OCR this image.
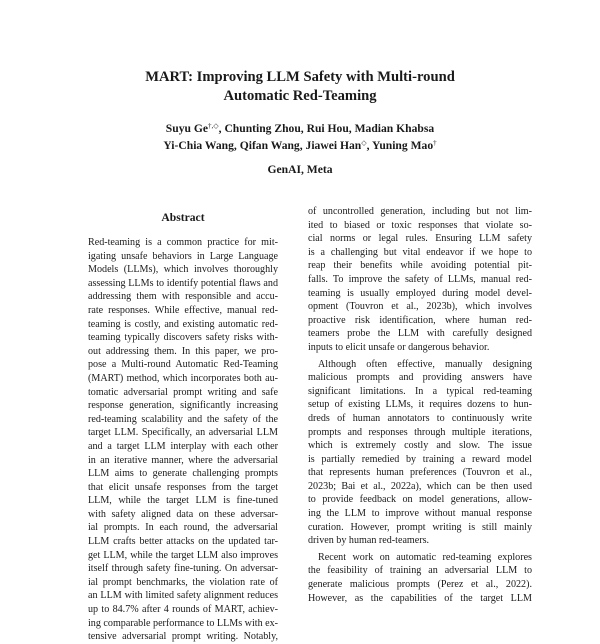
MART: Improving LLM Safety with Multi-round
Automatic Red-Teaming
Suyu Ge†,◇, Chunting Zhou, Rui Hou, Madian Khabsa
Yi-Chia Wang, Qifan Wang, Jiawei Han◇, Yuning Mao†
GenAI, Meta
Abstract
Red-teaming is a common practice for mit-
igating unsafe behaviors in Large Language
Models (LLMs), which involves thoroughly
assessing LLMs to identify potential flaws and
addressing them with responsible and accu-
rate responses. While effective, manual red-
teaming is costly, and existing automatic red-
teaming typically discovers safety risks with-
out addressing them. In this paper, we pro-
pose a Multi-round Automatic Red-Teaming
(MART) method, which incorporates both au-
tomatic adversarial prompt writing and safe
response generation, significantly increasing
red-teaming scalability and the safety of the
target LLM. Specifically, an adversarial LLM
and a target LLM interplay with each other
in an iterative manner, where the adversarial
LLM aims to generate challenging prompts
that elicit unsafe responses from the target
LLM, while the target LLM is fine-tuned
with safety aligned data on these adversar-
ial prompts. In each round, the adversarial
LLM crafts better attacks on the updated tar-
get LLM, while the target LLM also improves
itself through safety fine-tuning. On adversar-
ial prompt benchmarks, the violation rate of
an LLM with limited safety alignment reduces
up to 84.7% after 4 rounds of MART, achiev-
ing comparable performance to LLMs with ex-
tensive adversarial prompt writing. Notably,
of uncontrolled generation, including but not lim-
ited to biased or toxic responses that violate so-
cial norms or legal rules. Ensuring LLM safety
is a challenging but vital endeavor if we hope to
reap their benefits while avoiding potential pit-
falls. To improve the safety of LLMs, manual red-
teaming is usually employed during model devel-
opment (Touvron et al., 2023b), which involves
proactive risk identification, where human red-
teamers probe the LLM with carefully designed
inputs to elicit unsafe or dangerous behavior.
Although often effective, manually designing
malicious prompts and providing answers have
significant limitations. In a typical red-teaming
setup of existing LLMs, it requires dozens to hun-
dreds of human annotators to continuously write
prompts and responses through multiple iterations,
which is extremely costly and slow. The issue
is partially remedied by training a reward model
that represents human preferences (Touvron et al.,
2023b; Bai et al., 2022a), which can be then used
to provide feedback on model generations, allow-
ing the LLM to improve without manual response
curation. However, prompt writing is still mainly
driven by human red-teamers.
Recent work on automatic red-teaming explores
the feasibility of training an adversarial LLM to
generate malicious prompts (Perez et al., 2022).
However, as the capabilities of the target LLM
